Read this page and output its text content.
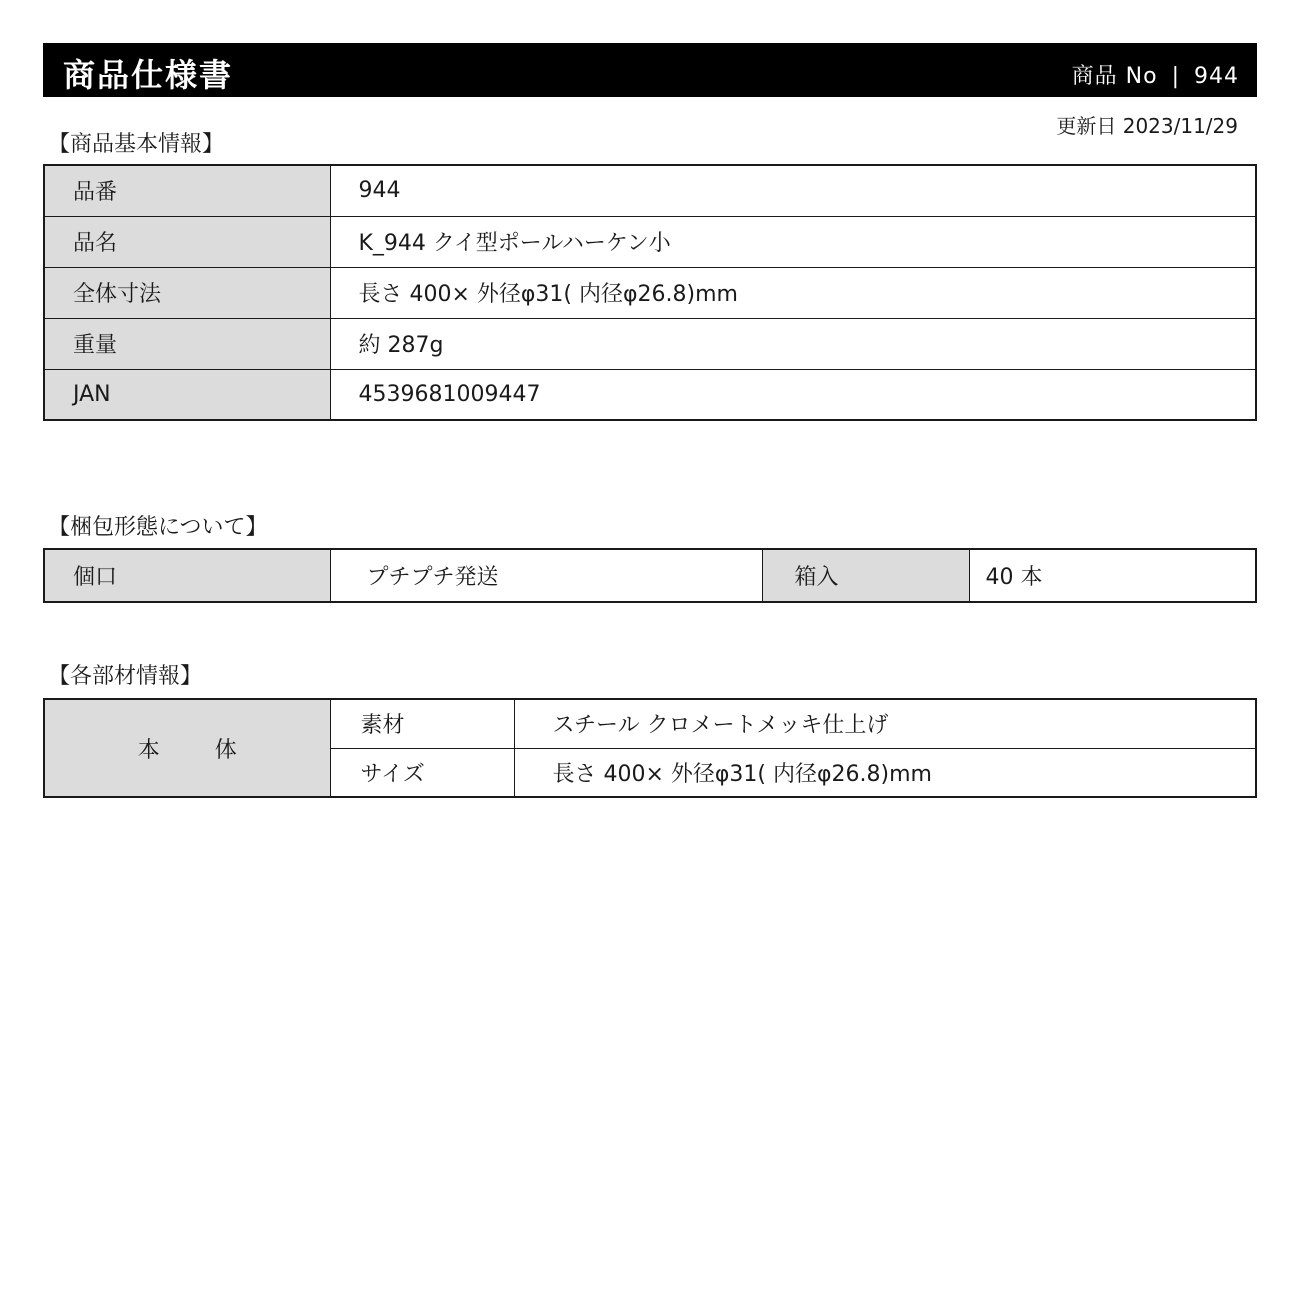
商品仕様書	商品 No | 944
更新日 2023/11/29
【商品基本情報】
品番	944
品名	K_944 クイ型ポールハーケン小
全体寸法	長さ 400× 外径φ31( 内径φ26.8)mm
重量	約 287g
JAN	4539681009447
【梱包形態について】
個口	プチプチ発送	箱入	40 本
【各部材情報】
本 体	素材	スチール クロメートメッキ仕上げ
	サイズ	長さ 400× 外径φ31( 内径φ26.8)mm
